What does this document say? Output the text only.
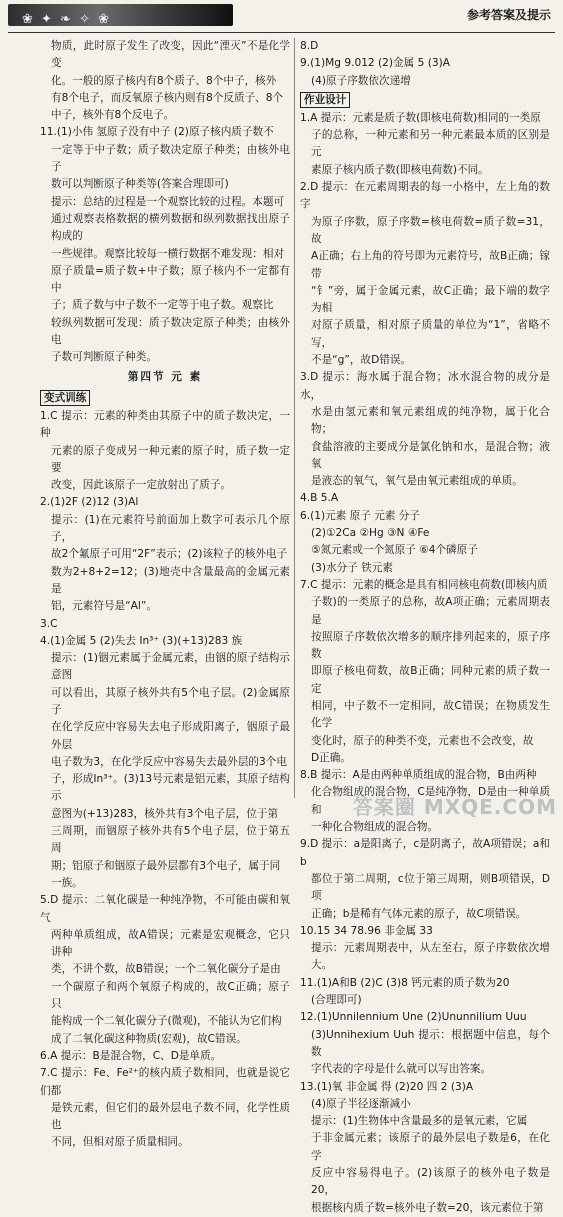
❀ ✦ ❧ ✧ ❀	参考答案及提示

物质，此时原子发生了改变，因此“湮灭”不是化学变

化。一般的原子核内有8个质子、8个中子，核外

有8个电子，而反氧原子核内则有8个反质子、8个

中子，核外有8个反电子。

11.(1)小伟 氢原子没有中子 (2)原子核内质子数不

一定等于中子数；质子数决定原子种类；由核外电子

数可以判断原子种类等(答案合理即可)

提示：总结的过程是一个观察比较的过程。本题可

通过观察表格数据的横列数据和纵列数据找出原子构成的

一些规律。观察比较每一横行数据不难发现：相对

原子质量=质子数+中子数；原子核内不一定都有中

子；质子数与中子数不一定等于电子数。观察比

较纵列数据可发现：质子数决定原子种类；由核外电

子数可判断原子种类。

第四节 元 素

变式训练

1.C 提示：元素的种类由其原子中的质子数决定，一种

元素的原子变成另一种元素的原子时，质子数一定要

改变，因此该原子一定放射出了质子。

2.(1)2F (2)12 (3)Al

提示：(1)在元素符号前面加上数字可表示几个原子，

故2个氟原子可用“2F”表示；(2)该粒子的核外电子

数为2+8+2=12；(3)地壳中含量最高的金属元素是

铝，元素符号是“Al”。

3.C

4.(1)金属 5 (2)失去 In³⁺ (3)(+13)283 族

提示：(1)铟元素属于金属元素，由铟的原子结构示意图

可以看出，其原子核外共有5个电子层。(2)金属原子

在化学反应中容易失去电子形成阳离子，铟原子最外层

电子数为3，在化学反应中容易失去最外层的3个电

子，形成In³⁺。(3)13号元素是铝元素，其原子结构示

意图为(+13)283，核外共有3个电子层，位于第

三周期，而铟原子核外共有5个电子层，位于第五周

期；铝原子和铟原子最外层都有3个电子，属于同

一族。

5.D 提示：二氧化碳是一种纯净物，不可能由碳和氧气

两种单质组成，故A错误；元素是宏观概念，它只讲种

类，不讲个数，故B错误；一个二氧化碳分子是由

一个碳原子和两个氧原子构成的，故C正确；原子只

能构成一个二氧化碳分子(微观)，不能认为它们构

成了二氧化碳这种物质(宏观)，故C错误。

6.A 提示：B是混合物，C、D是单质。

7.C 提示：Fe、Fe²⁺的核内质子数相同，也就是说它们都

是铁元素，但它们的最外层电子数不同，化学性质也

不同，但相对原子质量相同。

8.D

9.(1)Mg 9.012 (2)金属 5 (3)A

(4)原子序数依次递增

作业设计

1.A 提示：元素是质子数(即核电荷数)相同的一类原

子的总称，一种元素和另一种元素最本质的区别是元

素原子核内质子数(即核电荷数)不同。

2.D 提示：在元素周期表的每一小格中，左上角的数字

为原子序数，原子序数=核电荷数=质子数=31，故

A正确；右上角的符号即为元素符号，故B正确；镓带

“钅”旁，属于金属元素，故C正确；最下端的数字为相

对原子质量，相对原子质量的单位为“1”，省略不写，

不是“g”，故D错误。

3.D 提示：海水属于混合物；冰水混合物的成分是水，

水是由氢元素和氧元素组成的纯净物，属于化合物；

食盐溶液的主要成分是氯化钠和水，是混合物；液氧

是液态的氧气，氧气是由氧元素组成的单质。

4.B 5.A

6.(1)元素 原子 元素 分子

(2)①2Ca ②Hg ③N ④Fe

⑤氮元素或一个氮原子 ⑥4个磷原子

(3)水分子 铁元素

7.C 提示：元素的概念是具有相同核电荷数(即核内质

子数)的一类原子的总称，故A项正确；元素周期表是

按照原子序数依次增多的顺序排列起来的，原子序数

即原子核电荷数，故B正确；同种元素的质子数一定

相同，中子数不一定相同，故C错误；在物质发生化学

变化时，原子的种类不变，元素也不会改变，故

D正确。

8.B 提示：A是由两种单质组成的混合物，B由两种

化合物组成的混合物，C是纯净物，D是由一种单质和

一种化合物组成的混合物。

9.D 提示：a是阳离子，c是阴离子，故A项错误；a和b

都位于第二周期，c位于第三周期，则B项错误，D项

正确；b是稀有气体元素的原子，故C项错误。

10.15 34 78.96 非金属 33

提示：元素周期表中，从左至右，原子序数依次增大。

11.(1)A和B (2)C (3)8 钙元素的质子数为20

(合理即可)

12.(1)Unnilennium Une (2)Ununnilium Uuu

(3)Unnihexium Uuh 提示：根据题中信息，每个数

字代表的字母是什么就可以写出答案。

13.(1)氧 非金属 得 (2)20 四 2 (3)A

(4)原子半径逐渐减小

提示：(1)生物体中含量最多的是氧元素，它属

于非金属元素；该原子的最外层电子数是6，在化学

反应中容易得电子。(2)该原子的核外电子数是20，

根据核内质子数=核外电子数=20，该元素位于第

答案圈 MXQE.COM
